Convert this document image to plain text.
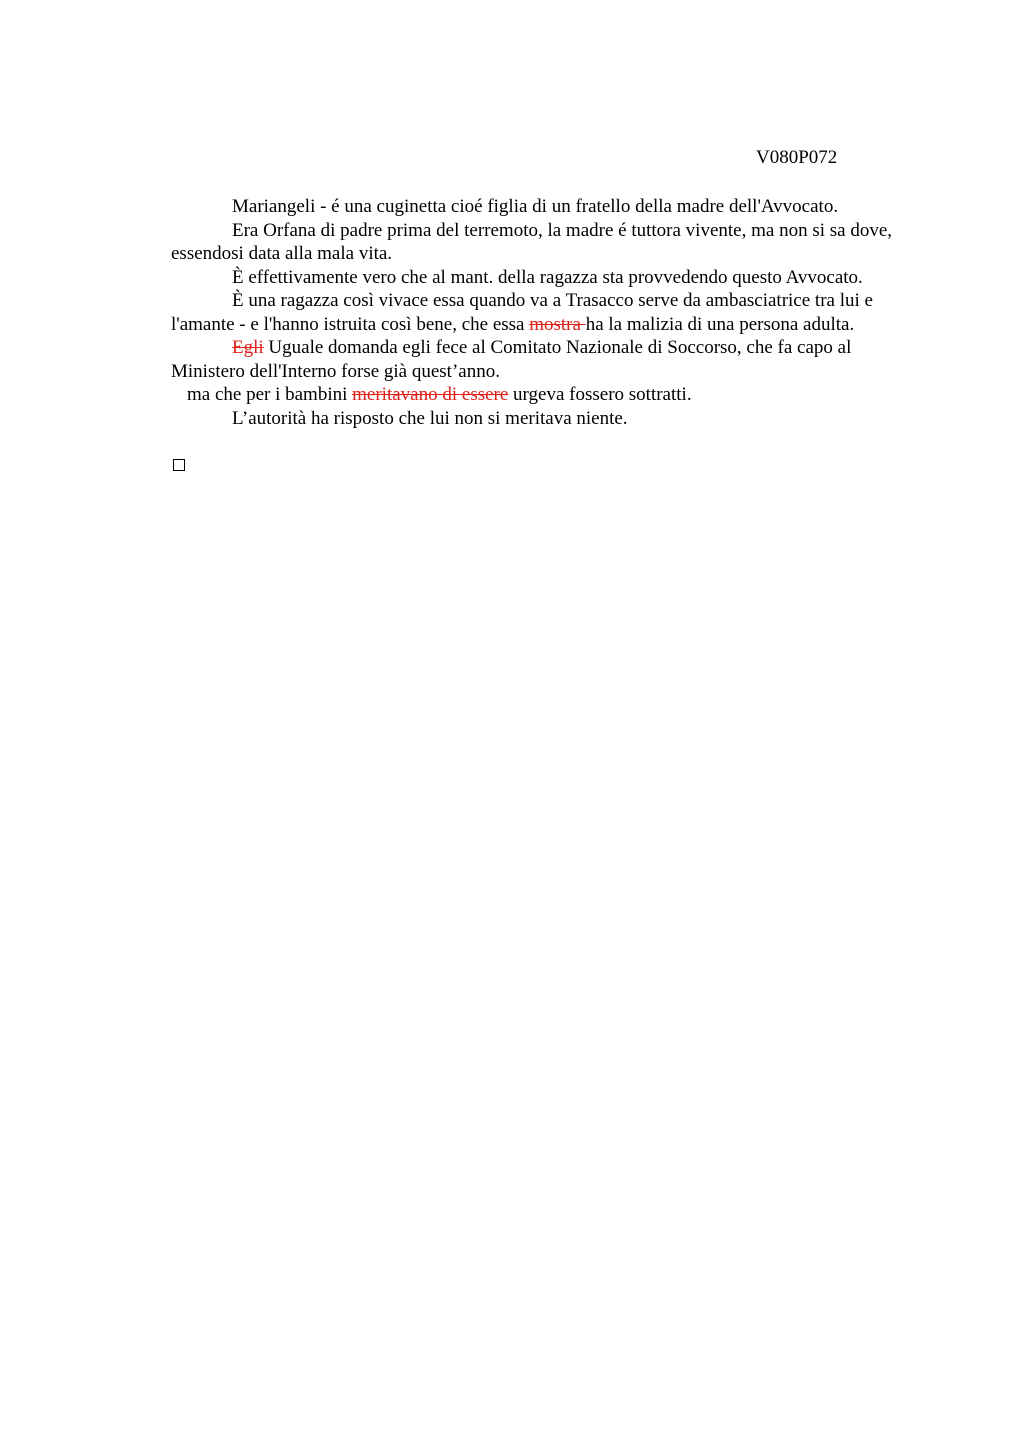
V080P072

Mariangeli - é una cuginetta cioé figlia di un fratello della madre dell'Avvocato.

Era Orfana di padre prima del terremoto, la madre é tuttora vivente, ma non si sa dove, essendosi data alla mala vita.

È effettivamente vero che al mant. della ragazza sta provvedendo questo Avvocato.

È una ragazza così vivace essa quando va a Trasacco serve da ambasciatrice tra lui e l'amante - e l'hanno istruita così bene, che essa mostra ha la malizia di una persona adulta.

Egli Uguale domanda egli fece al Comitato Nazionale di Soccorso, che fa capo al Ministero dell'Interno forse già quest’anno.

ma che per i bambini meritavano di essere urgeva fossero sottratti.

L’autorità ha risposto che lui non si meritava niente.
